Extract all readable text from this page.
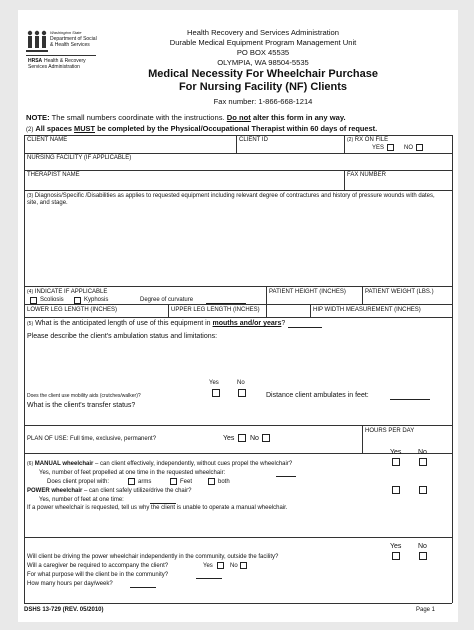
Washington State
Department of Social
& Health Services
HRSA Health & Recovery
Services Administration
Health Recovery and Services Administration
Durable Medical Equipment Program Management Unit
PO BOX 45535
OLYMPIA, WA 98504-5535
Medical Necessity For Wheelchair Purchase
For Nursing Facility (NF) Clients
Fax number: 1-866-668-1214
NOTE: The small numbers coordinate with the instructions. Do not alter this form in any way.
(2) All spaces MUST be completed by the Physical/Occupational Therapist within 60 days of request.
CLIENT NAME	CLIENT ID	(2) RX ON FILE
YES	NO
NURSING FACILITY (IF APPLICABLE)
THERAPIST NAME	FAX NUMBER
(3) Diagnosis/Specific /Disabilities as applies to requested equipment including relevant degree of contractures and history of pressure wounds with dates, site, and stage.
(4) INDICATE IF APPLICABLE
Scoliosis	Kyphosis	Degree of curvature
PATIENT HEIGHT (INCHES)	PATIENT WEIGHT (LBS.)
LOWER LEG LENGTH (INCHES)	UPPER LEG LENGTH (INCHES)	HIP WIDTH MEASUREMENT (INCHES)
(5) What is the anticipated length of use of this equipment in mouths and/or years?
Please describe the client's ambulation status and limitations:
Yes	No
Does the client use mobility aids (crutches/walker)?	Distance client ambulates in feet:
What is the client's transfer status?
PLAN OF USE: Full time, exclusive, permanent?	Yes No
HOURS PER DAY
Yes No
(6) MANUAL wheelchair – can client effectively, independently, without cues propel the wheelchair?
Yes, number of feet propelled at one time in the requested wheelchair:
Does client propel with:	arms	Feet	both
POWER wheelchair – can client safely utilize/drive the chair?
Yes, number of feet at one time:
If a power wheelchair is requested, tell us why the client is unable to operate a manual wheelchair.
Yes No
Will client be driving the power wheelchair independently in the community, outside the facility?
Will a caregiver be required to accompany the client?	Yes	No
For what purpose will the client be in the community?
How many hours per day/week?
DSHS 13-729 (REV. 05/2010)	Page 1
